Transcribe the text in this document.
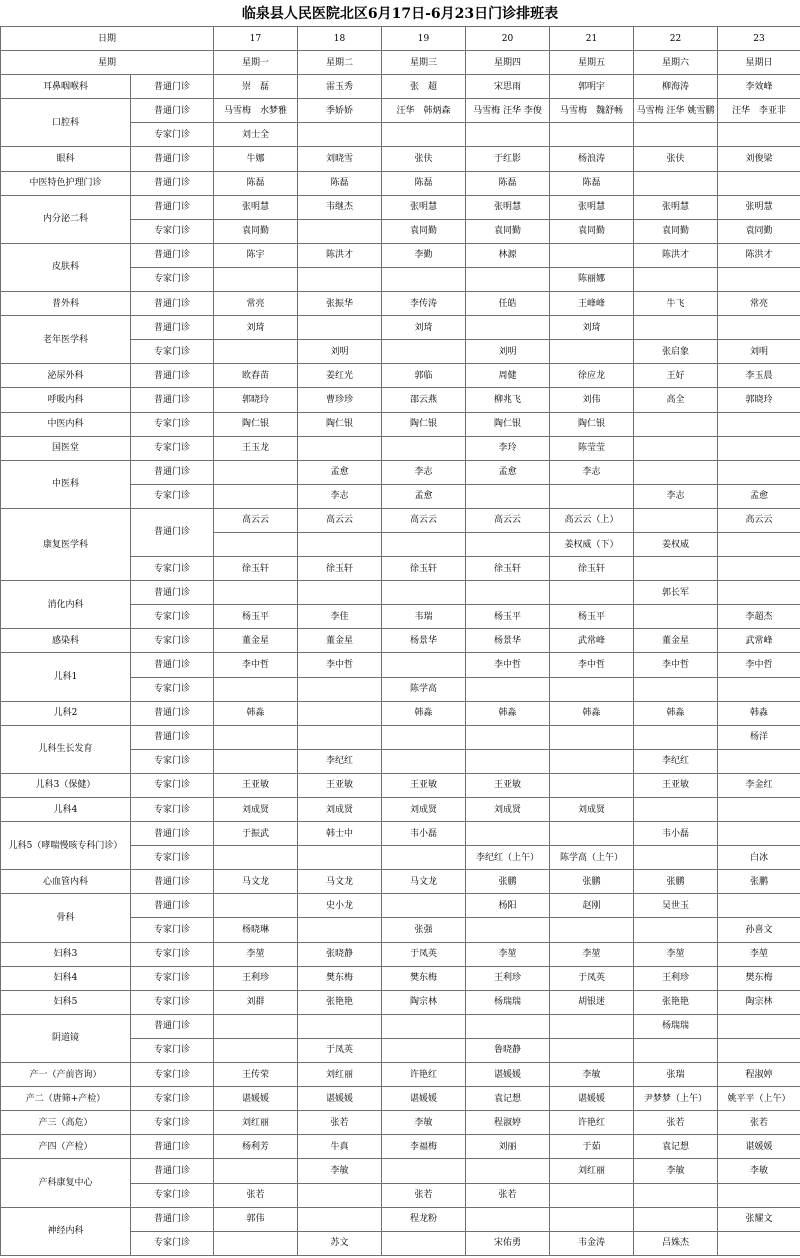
临泉县人民医院北区6月17日-6月23日门诊排班表
日期		17	18	19	20	21	22	23
星期		星期一	星期二	星期三	星期四	星期五	星期六	星期日
耳鼻咽喉科	普通门诊	崇　磊	雷玉秀	张　超	宋思雨	郭明宇	柳海涛	李效峰
口腔科	普通门诊	马雪梅　水梦雅	季娇娇	汪华　韩炳森	马雪梅 汪华 李俊	马雪梅　魏舒畅	马雪梅 汪华 姚雪鹏	汪华　李亚非
	专家门诊	刘士全						
眼科	普通门诊	牛娜	刘晓雪	张伕	于红影	杨浪涛	张伕	刘俊梁
中医特色护理门诊	普通门诊	陈磊	陈磊	陈磊	陈磊	陈磊		
内分泌二科	普通门诊	张明慧	韦继杰	张明慧	张明慧	张明慧	张明慧	张明慧
	专家门诊	袁同勤		袁同勤	袁同勤	袁同勤	袁同勤	袁同勤
皮肤科	普通门诊	陈宇	陈洪才	李勤	林源		陈洪才	陈洪才
	专家门诊					陈丽娜		
普外科	普通门诊	常亮	张振华	李传涛	任皓	王峰峰	牛飞	常亮
老年医学科	普通门诊	刘琦		刘琦		刘琦		
	专家门诊		刘明		刘明		张启象	刘明
泌尿外科	普通门诊	欧春苗	姜红光	郭临	周健	徐应龙	王好	李玉晨
呼吸内科	普通门诊	郭晓玲	曹珍珍	邵云燕	柳兆飞	刘伟	高全	郭晓玲
中医内科	专家门诊	陶仁银	陶仁银	陶仁银	陶仁银	陶仁银		
国医堂	专家门诊	王玉龙			李玲	陈莹莹		
中医科	普通门诊		孟愈	李志	孟愈	李志		
	专家门诊		李志	孟愈			李志	孟愈
康复医学科	普通门诊	高云云	高云云	高云云	高云云	高云云（上）		高云云
						姜权威（下）	姜权威	
	专家门诊	徐玉轩	徐玉轩	徐玉轩	徐玉轩	徐玉轩		
消化内科	普通门诊						郭长军	
	专家门诊	杨玉平	李佳	韦瑞	杨玉平	杨玉平		李超杰
感染科	专家门诊	董金星	董金星	杨景华	杨景华	武常峰	董金星	武常峰
儿科1	普通门诊	李中哲	李中哲		李中哲	李中哲	李中哲	李中哲
	专家门诊			陈学高				
儿科2	普通门诊	韩淼		韩淼	韩淼	韩淼	韩淼	韩淼
儿科生长发育	普通门诊							杨洋
	专家门诊		李纪红				李纪红	
儿科3（保健）	专家门诊	王亚敏	王亚敏	王亚敏	王亚敏		王亚敏	李金红
儿科4	专家门诊	刘成贤	刘成贤	刘成贤	刘成贤	刘成贤		
儿科5（哮喘慢咳专科门诊）	普通门诊	于振武	韩士中	韦小磊			韦小磊	
	专家门诊				李纪红（上午）	陈学高（上午）		白冰
心血管内科	普通门诊	马文龙	马文龙	马文龙	张鹏	张鹏	张鹏	张鹏
骨科	普通门诊		史小龙		杨阳	赵刚	吴世玉	
	专家门诊	杨晓琳		张强				孙喜文
妇科3	专家门诊	李堃	张晓静	于凤英	李堃	李堃	李堃	李堃
妇科4	专家门诊	王利珍	樊东梅	樊东梅	王利珍	于凤英	王利珍	樊东梅
妇科5	专家门诊	刘群	张艳艳	陶宗林	杨瑞瑞	胡银迷	张艳艳	陶宗林
阴道镜	普通门诊						杨瑞瑞	
	专家门诊		于凤英		鲁晓静			
产一（产前咨询）	专家门诊	王传荣	刘红丽	许艳红	谌媛媛	李敏	张瑞	程淑婷
产二（唐筛+产检）	专家门诊	谌媛媛	谌媛媛	谌媛媛	袁记想	谌媛媛	尹梦梦（上午）	姚平平（上午）
产三（高危）	专家门诊	刘红丽	张若	李敏	程淑婷	许艳红	张若	张若
产四（产检）	普通门诊	杨利芳	牛真	李福梅	刘丽	于茹	袁记想	谌媛媛
产科康复中心	普通门诊		李敏			刘红丽	李敏	李敏
	专家门诊	张若		张若	张若			
神经内科	普通门诊	郭伟		程龙粉				张耀文
	专家门诊		苏文		宋佑勇	韦金涛	吕姝杰	
